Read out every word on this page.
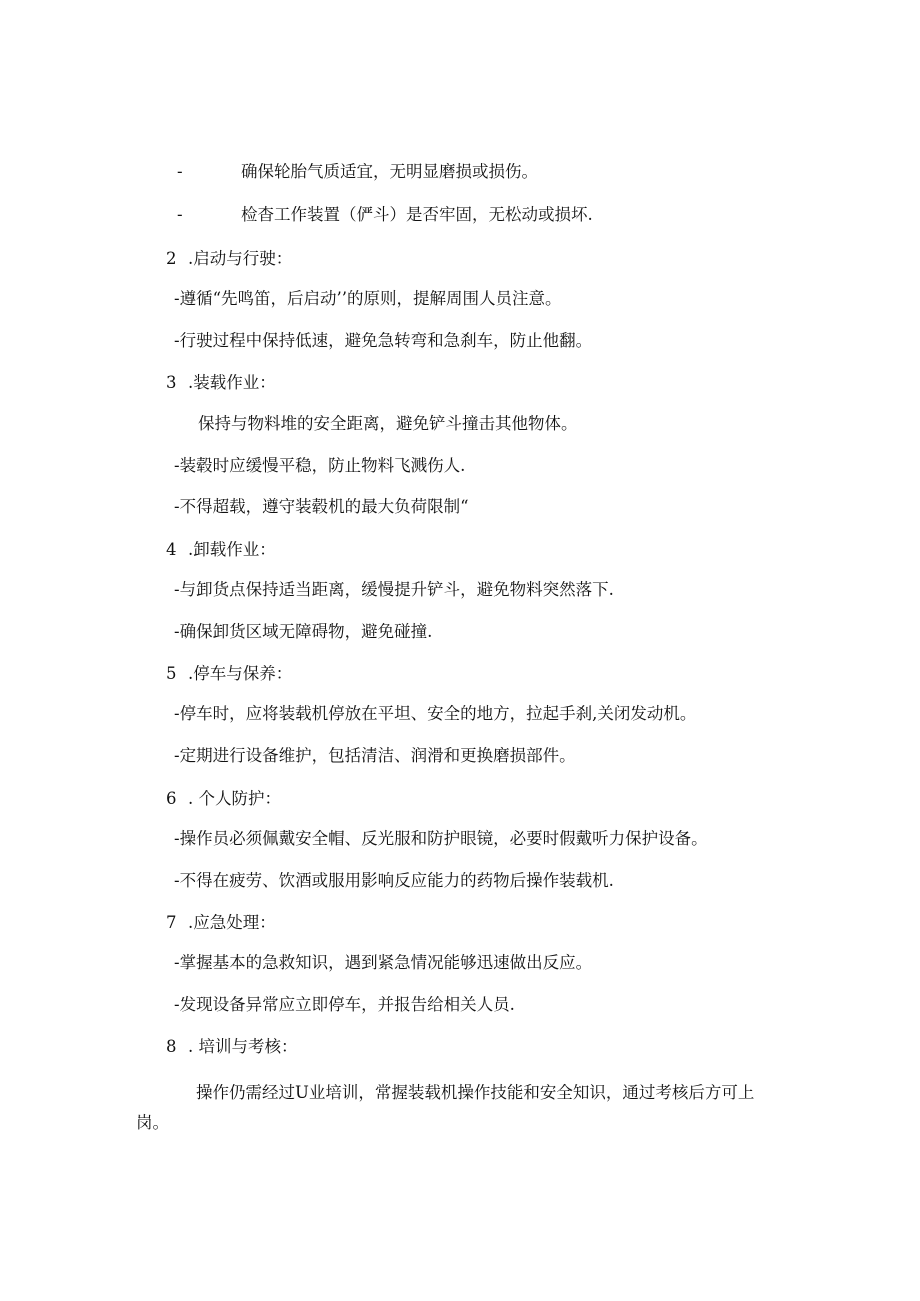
-	确保轮胎气质适宜，无明显磨损或损伤。
-	检杳工作装置（俨斗）是否牢固，无松动或损坏.
2 .启动与行驶：
-遵循“先鸣笛，后启动’’的原则，提解周围人员注意。
-行驶过程中保持低速，避免急转弯和急刹车，防止他翻。
3 .装载作业：
保持与物料堆的安全距离，避免铲斗撞击其他物体。
-装毂时应缓慢平稳，防止物料飞溅伤人.
-不得超载，遵守装毂机的最大负荷限制“
4 .卸载作业：
-与卸货点保持适当距离，缓慢提升铲斗，避免物料突然落下.
-确保卸货区域无障碍物，避免碰撞.
5 .停车与保养：
-停车时，应将装载机停放在平坦、安全的地方，拉起手刹,关闭发动机。
-定期进行设备维护，包括清洁、润滑和更换磨损部件。
6 . 个人防护：
-操作员必须佩戴安全帽、反光服和防护眼镜，必要时假戴听力保护设备。
-不得在疲劳、饮酒或服用影响反应能力的药物后操作装载机.
7 .应急处理：
-掌握基本的急救知识，遇到紧急情况能够迅速做出反应。
-发现设备异常应立即停车，并报告给相关人员.
8 . 培训与考核：
操作仍需经过U业培训，常握装载机操作技能和安全知识，通过考核后方可上岗。
